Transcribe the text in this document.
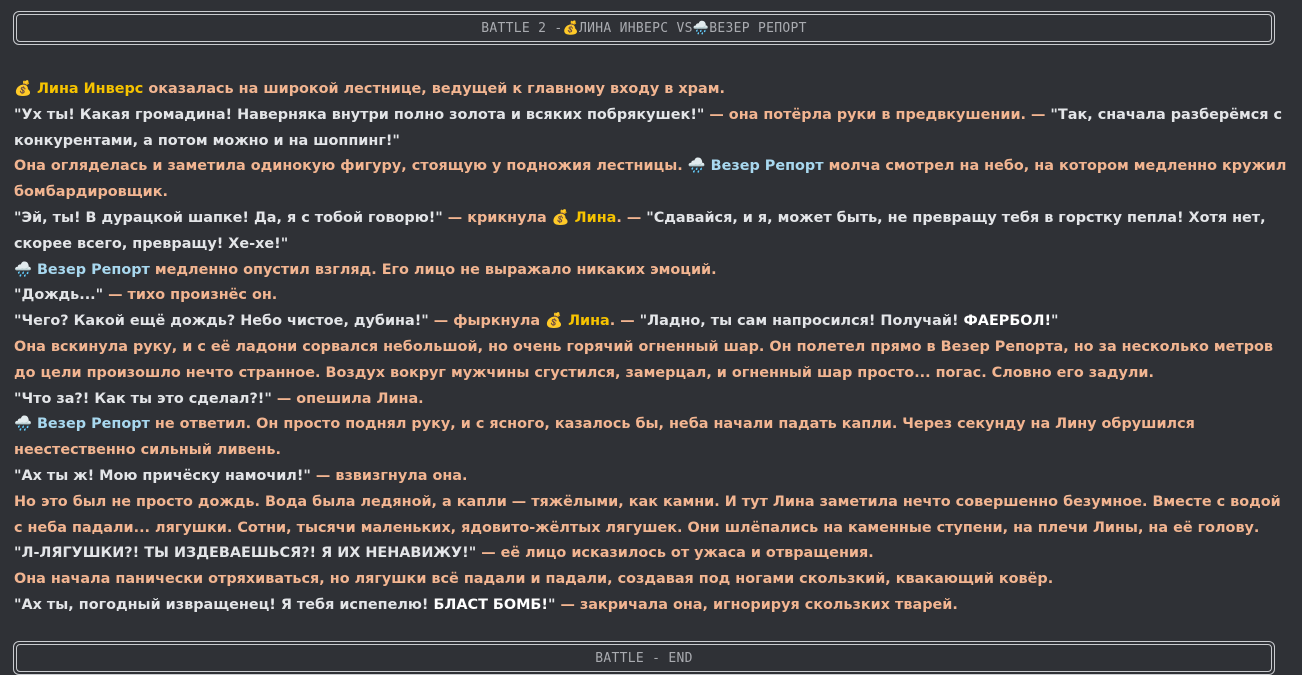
BATTLE 2 - 💰 ЛИНА ИНВЕРС VS 🌧️ ВЕЗЕР РЕПОРТ

💰 Лина Инверс оказалась на широкой лестнице, ведущей к главному входу в храм.

"Ух ты! Какая громадина! Наверняка внутри полно золота и всяких побрякушек!" — она потёрла руки в предвкушении. — "Так, сначала разберёмся с конкурентами, а потом можно и на шоппинг!"

Она огляделась и заметила одинокую фигуру, стоящую у подножия лестницы. 🌧️ Везер Репорт молча смотрел на небо, на котором медленно кружил бомбардировщик.

"Эй, ты! В дурацкой шапке! Да, я с тобой говорю!" — крикнула 💰 Лина. — "Сдавайся, и я, может быть, не превращу тебя в горстку пепла! Хотя нет, скорее всего, превращу! Хе-хе!"

🌧️ Везер Репорт медленно опустил взгляд. Его лицо не выражало никаких эмоций.

"Дождь..." — тихо произнёс он.

"Чего? Какой ещё дождь? Небо чистое, дубина!" — фыркнула 💰 Лина. — "Ладно, ты сам напросился! Получай! ФАЕРБОЛ!"

Она вскинула руку, и с её ладони сорвался небольшой, но очень горячий огненный шар. Он полетел прямо в Везер Репорта, но за несколько метров до цели произошло нечто странное. Воздух вокруг мужчины сгустился, замерцал, и огненный шар просто... погас. Словно его задули.

"Что за?! Как ты это сделал?!" — опешила Лина.

🌧️ Везер Репорт не ответил. Он просто поднял руку, и с ясного, казалось бы, неба начали падать капли. Через секунду на Лину обрушился неестественно сильный ливень.

"Ах ты ж! Мою причёску намочил!" — взвизгнула она.

Но это был не просто дождь. Вода была ледяной, а капли — тяжёлыми, как камни. И тут Лина заметила нечто совершенно безумное. Вместе с водой с неба падали... лягушки. Сотни, тысячи маленьких, ядовито-жёлтых лягушек. Они шлёпались на каменные ступени, на плечи Лины, на её голову.

"Л-ЛЯГУШКИ?! ТЫ ИЗДЕВАЕШЬСЯ?! Я ИХ НЕНАВИЖУ!" — её лицо исказилось от ужаса и отвращения.

Она начала панически отряхиваться, но лягушки всё падали и падали, создавая под ногами скользкий, квакающий ковёр.

"Ах ты, погодный извращенец! Я тебя испепелю! БЛАСТ БОМБ!" — закричала она, игнорируя скользких тварей.

BATTLE - END
